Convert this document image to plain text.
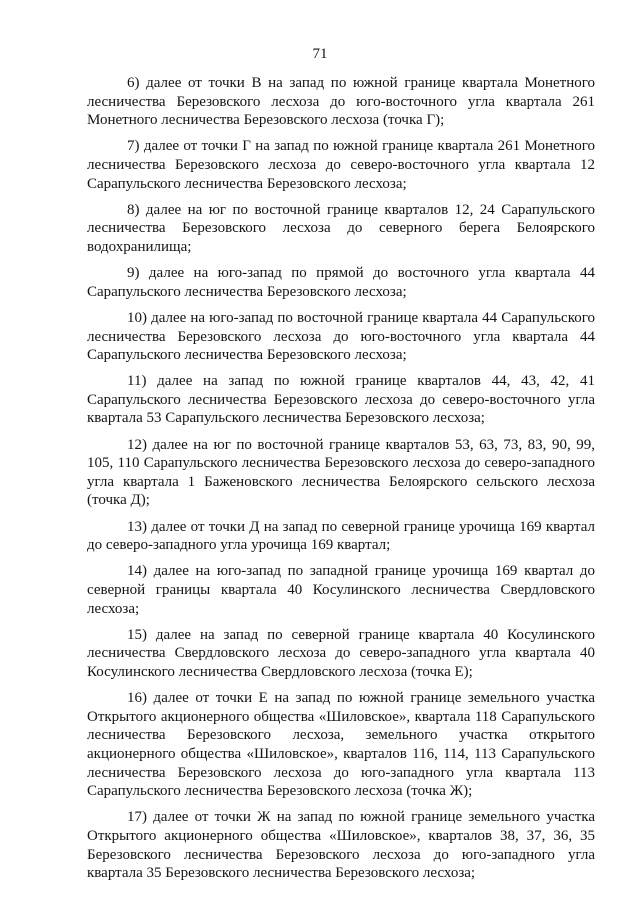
71

6) далее от точки В на запад по южной границе квартала Монетного лесничества Березовского лесхоза до юго-восточного угла квартала 261 Монетного лесничества Березовского лесхоза (точка Г);

7) далее от точки Г на запад по южной границе квартала 261 Монетного лесничества Березовского лесхоза до северо-восточного угла квартала 12 Сарапульского лесничества Березовского лесхоза;

8) далее на юг по восточной границе кварталов 12, 24 Сарапульского лесничества Березовского лесхоза до северного берега Белоярского водохранилища;

9) далее на юго-запад по прямой до восточного угла квартала 44 Сарапульского лесничества Березовского лесхоза;

10) далее на юго-запад по восточной границе квартала 44 Сарапульского лесничества Березовского лесхоза до юго-восточного угла квартала 44 Сарапульского лесничества Березовского лесхоза;

11) далее на запад по южной границе кварталов 44, 43, 42, 41 Сарапульского лесничества Березовского лесхоза до северо-восточного угла квартала 53 Сарапульского лесничества Березовского лесхоза;

12) далее на юг по восточной границе кварталов 53, 63, 73, 83, 90, 99, 105, 110 Сарапульского лесничества Березовского лесхоза до северо-западного угла квартала 1 Баженовского лесничества Белоярского сельского лесхоза (точка Д);

13) далее от точки Д на запад по северной границе урочища 169 квартал до северо-западного угла урочища 169 квартал;

14) далее на юго-запад по западной границе урочища 169 квартал до северной границы квартала 40 Косулинского лесничества Свердловского лесхоза;

15) далее на запад по северной границе квартала 40 Косулинского лесничества Свердловского лесхоза до северо-западного угла квартала 40 Косулинского лесничества Свердловского лесхоза (точка Е);

16) далее от точки Е на запад по южной границе земельного участка Открытого акционерного общества «Шиловское», квартала 118 Сарапульского лесничества Березовского лесхоза, земельного участка открытого акционерного общества «Шиловское», кварталов 116, 114, 113 Сарапульского лесничества Березовского лесхоза до юго-западного угла квартала 113 Сарапульского лесничества Березовского лесхоза (точка Ж);

17) далее от точки Ж на запад по южной границе земельного участка Открытого акционерного общества «Шиловское», кварталов 38, 37, 36, 35 Березовского лесничества Березовского лесхоза до юго-западного угла квартала 35 Березовского лесничества Березовского лесхоза;
